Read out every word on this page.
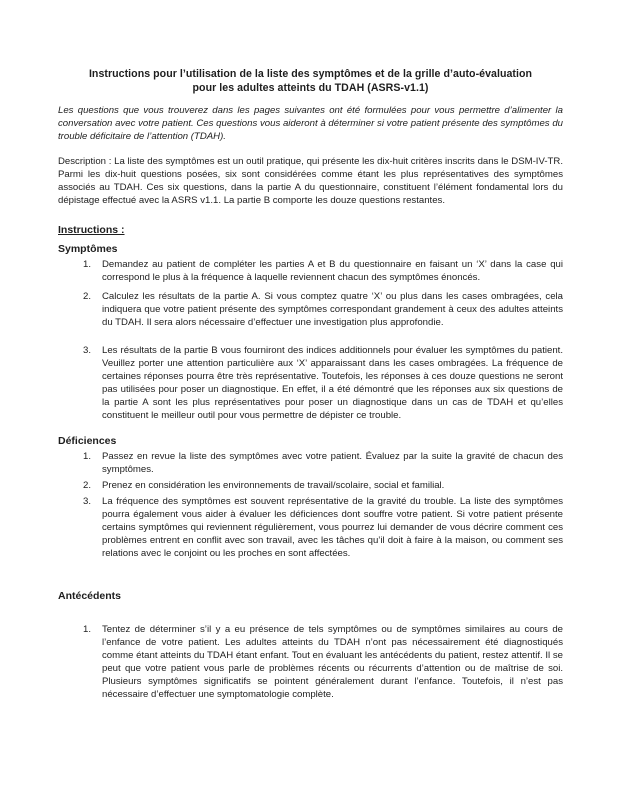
Instructions pour l’utilisation de la liste des symptômes et de la grille d’auto-évaluation
pour les adultes atteints du TDAH (ASRS-v1.1)
Les questions que vous trouverez dans les pages suivantes ont été formulées pour vous permettre d’alimenter la conversation avec votre patient. Ces questions vous aideront à déterminer si votre patient présente des symptômes du trouble déficitaire de l’attention (TDAH).
Description : La liste des symptômes est un outil pratique, qui présente les dix-huit critères inscrits dans le DSM-IV-TR. Parmi les dix-huit questions posées, six sont considérées comme étant les plus représentatives des symptômes associés au TDAH. Ces six questions, dans la partie A du questionnaire, constituent l’élément fondamental lors du dépistage effectué avec la ASRS v1.1. La partie B comporte les douze questions restantes.
Instructions :
Symptômes
1.	Demandez au patient de compléter les parties A et B du questionnaire en faisant un ‘X’ dans la case qui correspond le plus à la fréquence à laquelle reviennent chacun des symptômes énoncés.
2.	Calculez les résultats de la partie A. Si vous comptez quatre ‘X’ ou plus dans les cases ombragées, cela indiquera que votre patient présente des symptômes correspondant grandement à ceux des adultes atteints du TDAH. Il sera alors nécessaire d’effectuer une investigation plus approfondie.
3.	Les résultats de la partie B vous fourniront des indices additionnels pour évaluer les symptômes du patient. Veuillez porter une attention particulière aux ‘X’ apparaissant dans les cases ombragées. La fréquence de certaines réponses pourra être très représentative. Toutefois, les réponses à ces douze questions ne seront pas utilisées pour poser un diagnostique. En effet, il a été démontré que les réponses aux six questions de la partie A sont les plus représentatives pour poser un diagnostique dans un cas de TDAH et qu’elles constituent le meilleur outil pour vous permettre de dépister ce trouble.
Déficiences
1.	Passez en revue la liste des symptômes avec votre patient. Évaluez par la suite la gravité de chacun des symptômes.
2.	Prenez en considération les environnements de travail/scolaire, social et familial.
3.	La fréquence des symptômes est souvent représentative de la gravité du trouble. La liste des symptômes pourra également vous aider à évaluer les déficiences dont souffre votre patient. Si votre patient présente certains symptômes qui reviennent régulièrement, vous pourrez lui demander de vous décrire comment ces problèmes entrent en conflit avec son travail, avec les tâches qu’il doit à faire à la maison, ou comment ses relations avec le conjoint ou les proches en sont affectées.
Antécédents
1.	Tentez de déterminer s’il y a eu présence de tels symptômes ou de symptômes similaires au cours de l’enfance de votre patient. Les adultes atteints du TDAH n’ont pas nécessairement été diagnostiqués comme étant atteints du TDAH étant enfant. Tout en évaluant les antécédents du patient, restez attentif. Il se peut que votre patient vous parle de problèmes récents ou récurrents d’attention ou de maîtrise de soi. Plusieurs symptômes significatifs se pointent généralement durant l’enfance. Toutefois, il n’est pas nécessaire d’effectuer une symptomatologie complète.
